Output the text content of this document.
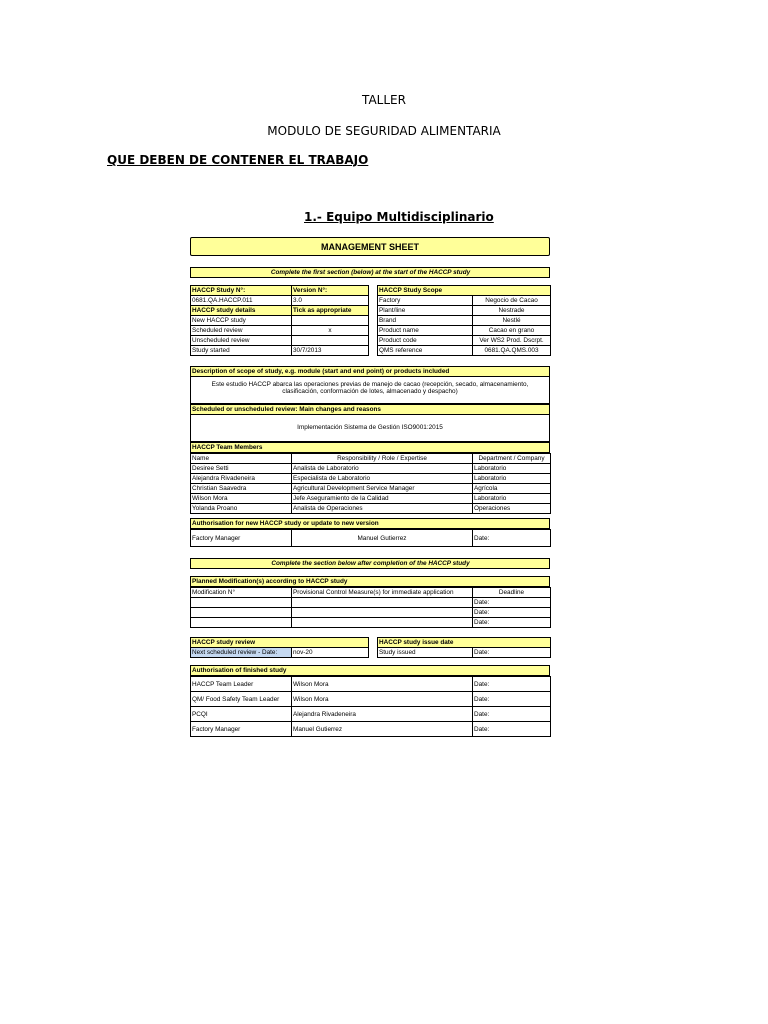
TALLER
MODULO DE SEGURIDAD ALIMENTARIA
QUE DEBEN DE CONTENER EL TRABAJO
1.- Equipo Multidisciplinario
MANAGEMENT SHEET
Complete the first section (below) at the start of the HACCP study
HACCP Study N°:	Version N°:
0681.QA.HACCP.011	3.0
HACCP study details	Tick as appropriate
New HACCP study	
Scheduled review	x
Unscheduled review	
Study started	30/7/2013
HACCP Study Scope	
Factory	Negocio de Cacao
Plant/line	Nestrade
Brand	Nestlé
Product name	Cacao en grano
Product code	Ver WS2 Prod. Dscrpt.
QMS reference	0681.QA.QMS.003
Description of scope of study, e.g. module (start and end point) or products included
Este estudio HACCP abarca las operaciones previas de manejo de cacao (recepción, secado, almacenamiento,
clasificación, conformación de lotes, almacenado y despacho)
Scheduled or unscheduled review: Main changes and reasons
Implementación Sistema de Gestión ISO9001:2015
HACCP Team Members
Name	Responsibility / Role / Expertise	Department / Company
Desiree Setti	Analista de Laboratorio	Laboratorio
Alejandra Rivadeneira	Especialista de Laboratorio	Laboratorio
Christian Saavedra	Agricultural Development Service Manager	Agrícola
Wilson Mora	Jefe Aseguramiento de la Calidad	Laboratorio
Yolanda Proano	Analista de Operaciones	Operaciones
Authorisation for new HACCP study or update to new version
Factory Manager	Manuel Gutierrez	Date:
Complete the section below after completion of the HACCP study
Planned Modification(s) according to HACCP study
Modification N°	Provisional Control Measure(s) for immediate application	Deadline
		Date:
		Date:
		Date:
HACCP study review
Next scheduled review - Date:	nov-20
HACCP study issue date
Study issued	Date:
Authorisation of finished study
HACCP Team Leader	Wilson Mora	Date:
QM/ Food Safety Team Leader	Wilson Mora	Date:
PCQI	Alejandra Rivadeneira	Date:
Factory Manager	Manuel Gutierrez	Date:
